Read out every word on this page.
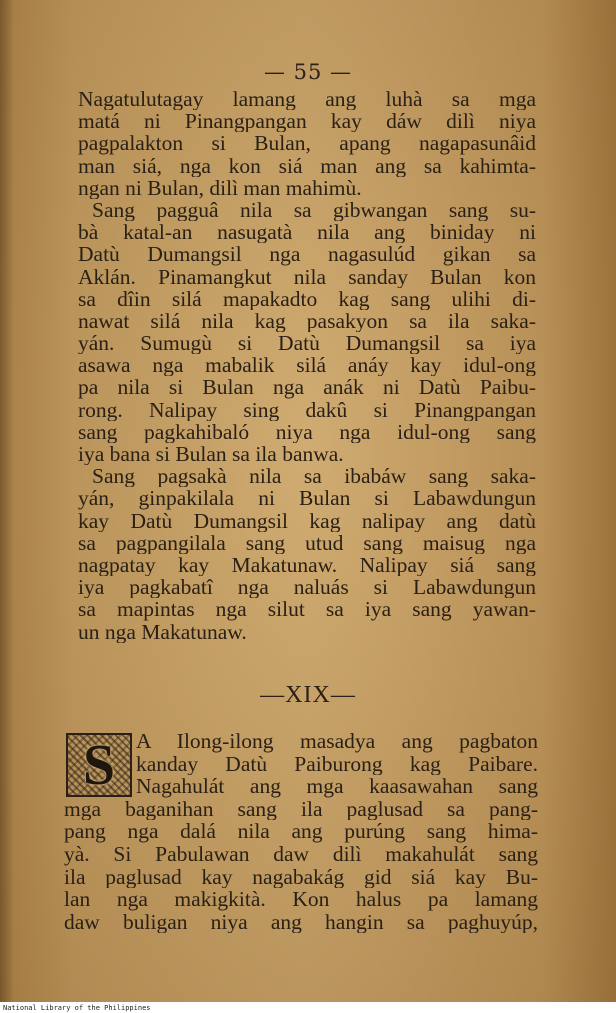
— 55 —
Nagatulutagay lamang ang luhà sa mga
matá ni Pinangpangan kay dáw dilì niya
pagpalakton si Bulan, apang nagapasunâid
man siá, nga kon siá man ang sa kahimta-
ngan ni Bulan, dilì man mahimù.
Sang pagguâ nila sa gibwangan sang su-
bà katal-an nasugatà nila ang biniday ni
Datù Dumangsil nga nagasulúd gikan sa
Aklán. Pinamangkut nila sanday Bulan kon
sa dîin silá mapakadto kag sang ulihi di-
nawat silá nila kag pasakyon sa ila saka-
yán. Sumugù si Datù Dumangsil sa iya
asawa nga mabalik silá anáy kay idul-ong
pa nila si Bulan nga anák ni Datù Paibu-
rong. Nalipay sing dakû si Pinangpangan
sang pagkahibaló niya nga idul-ong sang
iya bana si Bulan sa ila banwa.
Sang pagsakà nila sa ibabáw sang saka-
yán, ginpakilala ni Bulan si Labawdungun
kay Datù Dumangsil kag nalipay ang datù
sa pagpangilala sang utud sang maisug nga
nagpatay kay Makatunaw. Nalipay siá sang
iya pagkabatî nga naluás si Labawdungun
sa mapintas nga silut sa iya sang yawan-
un nga Makatunaw.
—XIX—
S A Ilong-ilong masadya ang pagbaton
kanday Datù Paiburong kag Paibare.
Nagahulát ang mga kaasawahan sang
mga baganihan sang ila paglusad sa pang-
pang nga dalá nila ang purúng sang hima-
yà. Si Pabulawan daw dilì makahulát sang
ila paglusad kay nagabakág gid siá kay Bu-
lan nga makigkità. Kon halus pa lamang
daw buligan niya ang hangin sa paghuyúp,
National Library of the Philippines
